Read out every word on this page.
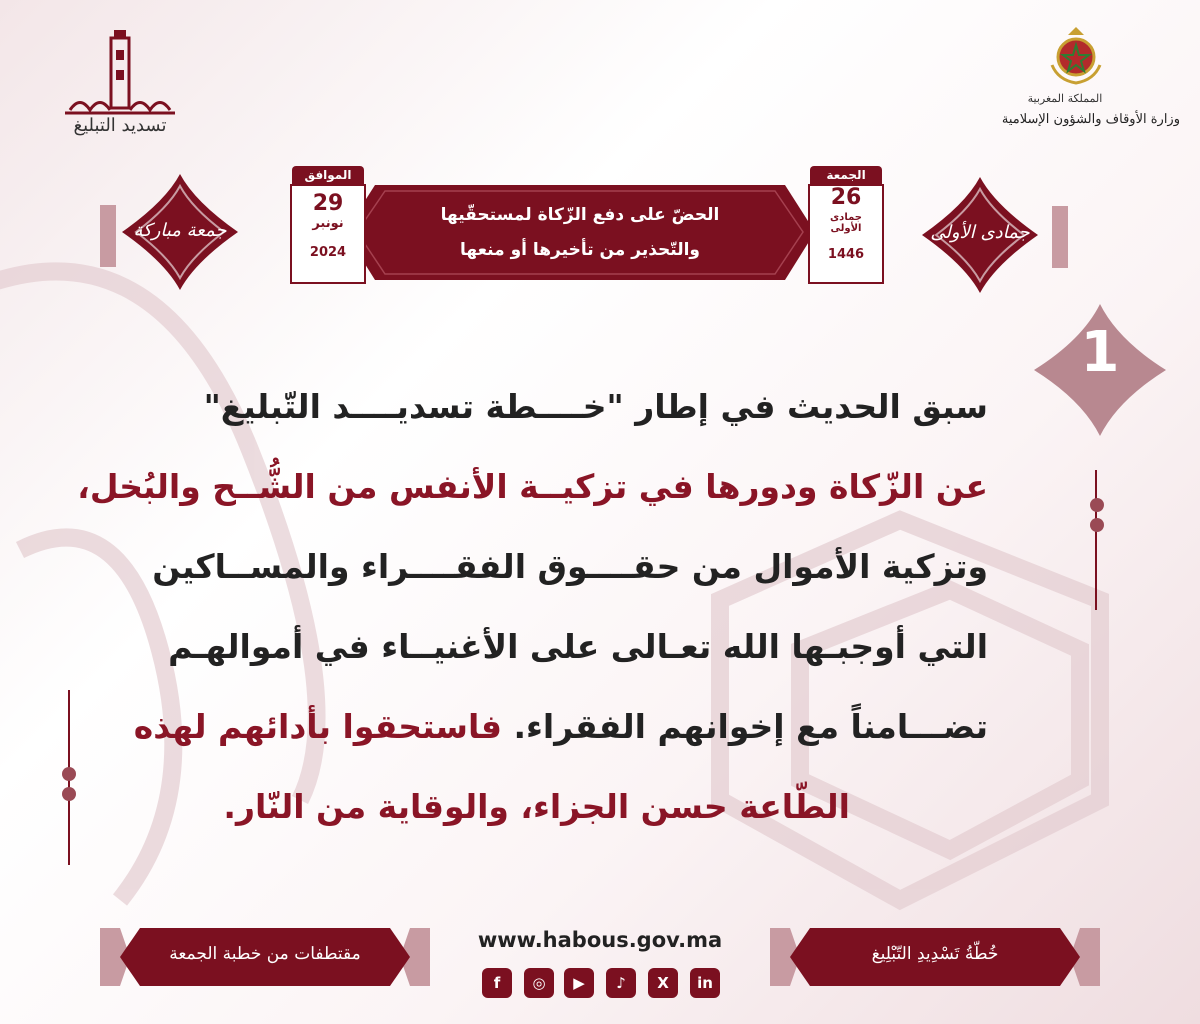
تسديد التبليغ
المملكة المغربية
وزارة الأوقاف والشؤون الإسلامية
الحضّ على دفع الزّكاة لمستحقّيها
والتّحذير من تأخيرها أو منعها
الجمعة
26
جمادى الأولى
1446
الموافق
29
نونبر
2024
جمادى الأولى
جمعة مباركة
1
سبق الحديث في إطار "خــــطة تسديــــد التّبليغ"
عن الزّكاة ودورها في تزكيــة الأنفس من الشُّــح والبُخل،
وتزكية الأموال من حقــــوق الفقــــراء والمســاكين
التي أوجبـها الله تعـالى على الأغنيــاء في أموالهـم
تضـــامناً مع إخوانهم الفقراء. فاستحقوا بأدائهم لهذه
الطّاعة حسن الجزاء، والوقاية من النّار.
مقتطفات من خطبة الجمعة	خُطّةُ تَسْدِيدِ التّبْلِيغ
www.habous.gov.ma
f	◎	▶	♪	X	in
